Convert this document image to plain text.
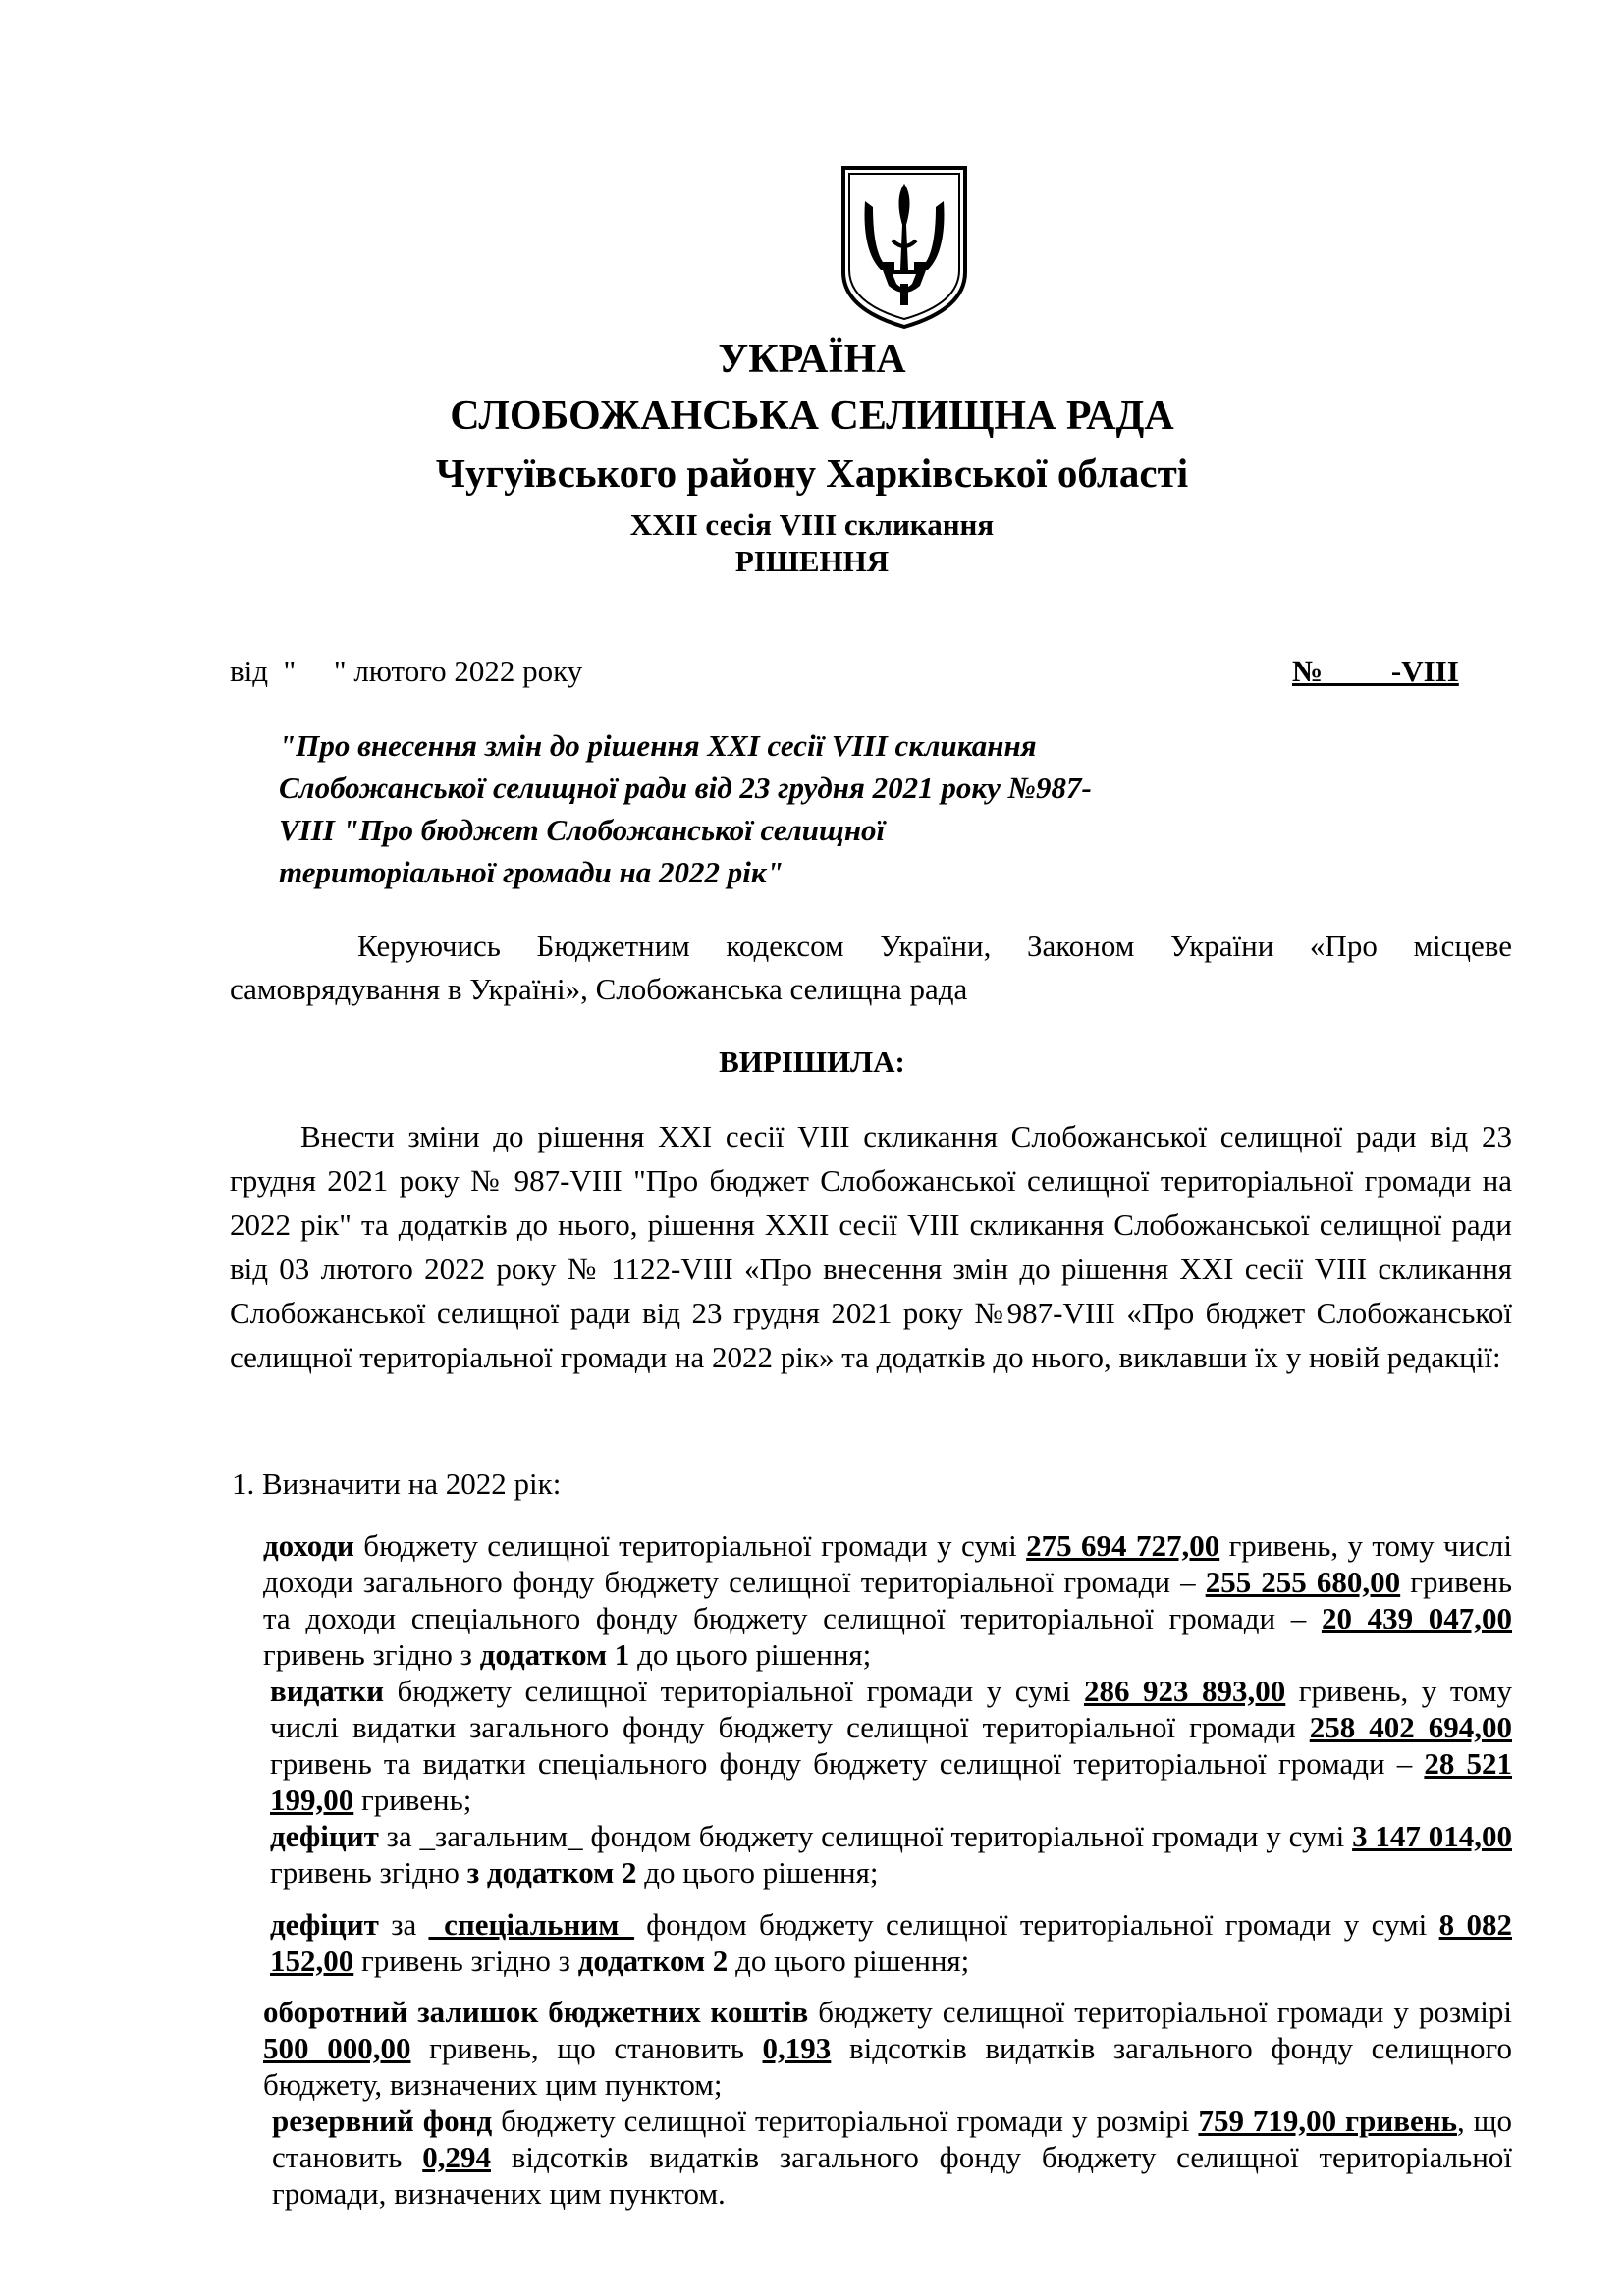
УКРАЇНА
СЛОБОЖАНСЬКА СЕЛИЩНА РАДА
Чугуївського району Харківської області
XXII сесія VIII скликання
РІШЕННЯ
від  "     " лютого 2022 року	№         -VIII
"Про внесення змін до рішення XXI сесії VIII скликання
Слобожанської селищної ради від 23 грудня 2021 року №987-
VIII "Про бюджет Слобожанської селищної
територіальної громади на 2022 рік"
Керуючись Бюджетним кодексом України, Законом України «Про місцеве самоврядування в Україні», Слобожанська селищна рада
ВИРІШИЛА:
Внести зміни до рішення XXI сесії VIII скликання Слобожанської селищної ради від 23 грудня 2021 року № 987-VIII "Про бюджет Слобожанської селищної територіальної громади на 2022 рік" та додатків до нього, рішення XXII сесії VIII скликання Слобожанської селищної ради від 03 лютого 2022 року № 1122-VIII «Про внесення змін до рішення XXI сесії VIII скликання Слобожанської селищної ради від 23 грудня 2021 року №987-VIII «Про бюджет Слобожанської селищної територіальної громади на 2022 рік» та додатків до нього, виклавши їх у новій редакції:
1. Визначити на 2022 рік:
доходи бюджету селищної територіальної громади у сумі 275 694 727,00 гривень, у тому числі доходи загального фонду бюджету селищної територіальної громади – 255 255 680,00 гривень та доходи спеціального фонду бюджету селищної територіальної громади – 20 439 047,00 гривень згідно з додатком 1 до цього рішення;
видатки бюджету селищної територіальної громади у сумі 286 923 893,00 гривень, у тому числі видатки загального фонду бюджету селищної територіальної громади 258 402 694,00 гривень та видатки спеціального фонду бюджету селищної територіальної громади – 28 521 199,00 гривень;
дефіцит за _загальним_ фондом бюджету селищної територіальної громади у сумі 3 147 014,00 гривень згідно з додатком 2 до цього рішення;
дефіцит за _спеціальним_ фондом бюджету селищної територіальної громади у сумі 8 082 152,00 гривень згідно з додатком 2 до цього рішення;
оборотний залишок бюджетних коштів бюджету селищної територіальної громади у розмірі 500 000,00 гривень, що становить 0,193 відсотків видатків загального фонду селищного бюджету, визначених цим пунктом;
резервний фонд бюджету селищної територіальної громади у розмірі 759 719,00 гривень, що становить 0,294 відсотків видатків загального фонду бюджету селищної територіальної громади, визначених цим пунктом.
